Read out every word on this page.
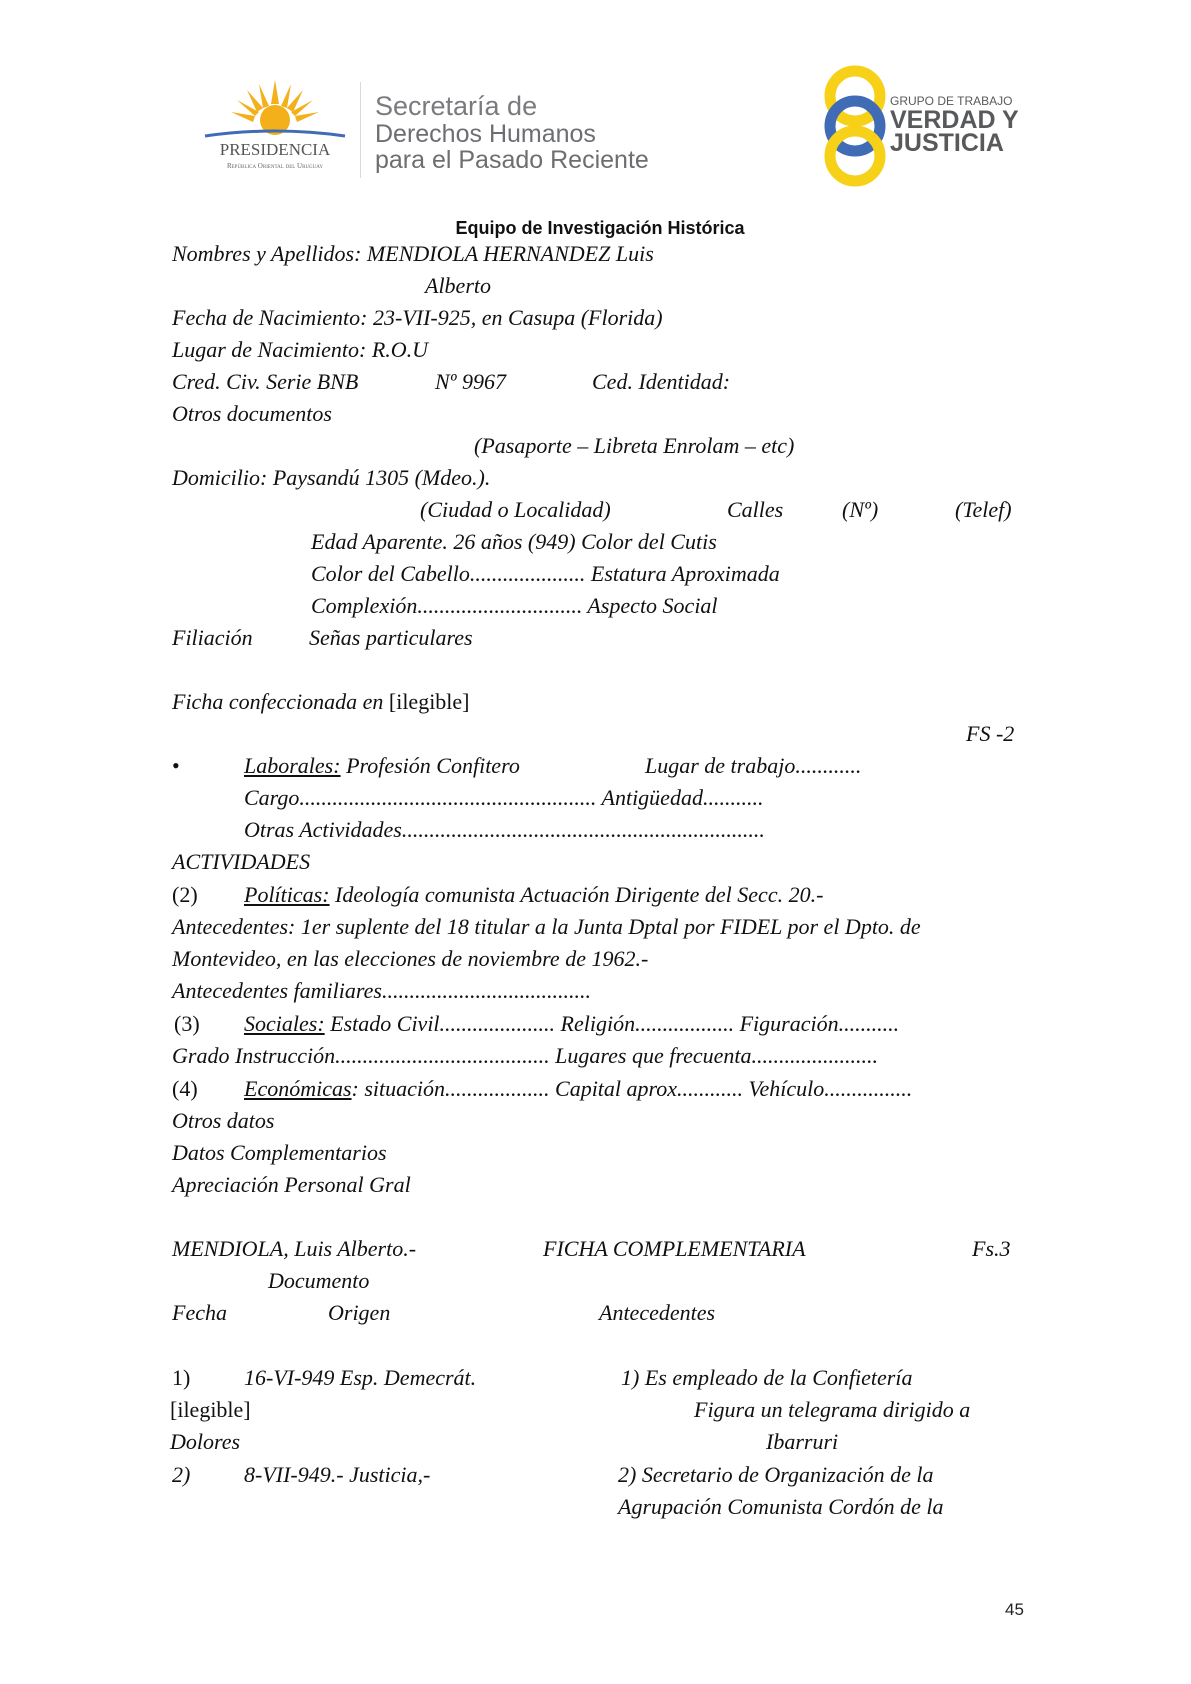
PRESIDENCIA
República Oriental del Uruguay
Secretaría de
Derechos Humanos
para el Pasado Reciente
GRUPO DE TRABAJO
VERDAD Y
JUSTICIA
Equipo de Investigación Histórica
Nombres y Apellidos: MENDIOLA HERNANDEZ Luis
Alberto
Fecha de Nacimiento: 23-VII-925, en Casupa (Florida)
Lugar de Nacimiento: R.O.U
Cred. Civ. Serie BNB	Nº 9967	Ced. Identidad:
Otros documentos
(Pasaporte – Libreta Enrolam – etc)
Domicilio: Paysandú 1305 (Mdeo.).
(Ciudad o Localidad)	Calles	(Nº)	(Telef)
Edad Aparente. 26 años (949) Color del Cutis
Color del Cabello..................... Estatura Aproximada
Complexión.............................. Aspecto Social
Filiación	Señas particulares
Ficha confeccionada en [ilegible]
FS -2
•	Laborales: Profesión Confitero	Lugar de trabajo............
Cargo...................................................... Antigüedad...........
Otras Actividades..................................................................
ACTIVIDADES
(2) Políticas: Ideología comunista Actuación Dirigente del Secc. 20.-
Antecedentes: 1er suplente del 18 titular a la Junta Dptal por FIDEL por el Dpto. de
Montevideo, en las elecciones de noviembre de 1962.-
Antecedentes familiares......................................
(3) Sociales: Estado Civil..................... Religión.................. Figuración...........
Grado Instrucción....................................... Lugares que frecuenta.......................
(4) Económicas: situación................... Capital aprox............ Vehículo................
Otros datos
Datos Complementarios
Apreciación Personal Gral
MENDIOLA, Luis Alberto.-	FICHA COMPLEMENTARIA	Fs.3
Documento
Fecha	Origen	Antecedentes
1) 16-VI-949 Esp. Demecrát.	1) Es empleado de la Confietería
[ilegible]	Figura un telegrama dirigido a
Dolores	Ibarruri
2) 8-VII-949.- Justicia,-	2) Secretario de Organización de la
Agrupación Comunista Cordón de la
45
